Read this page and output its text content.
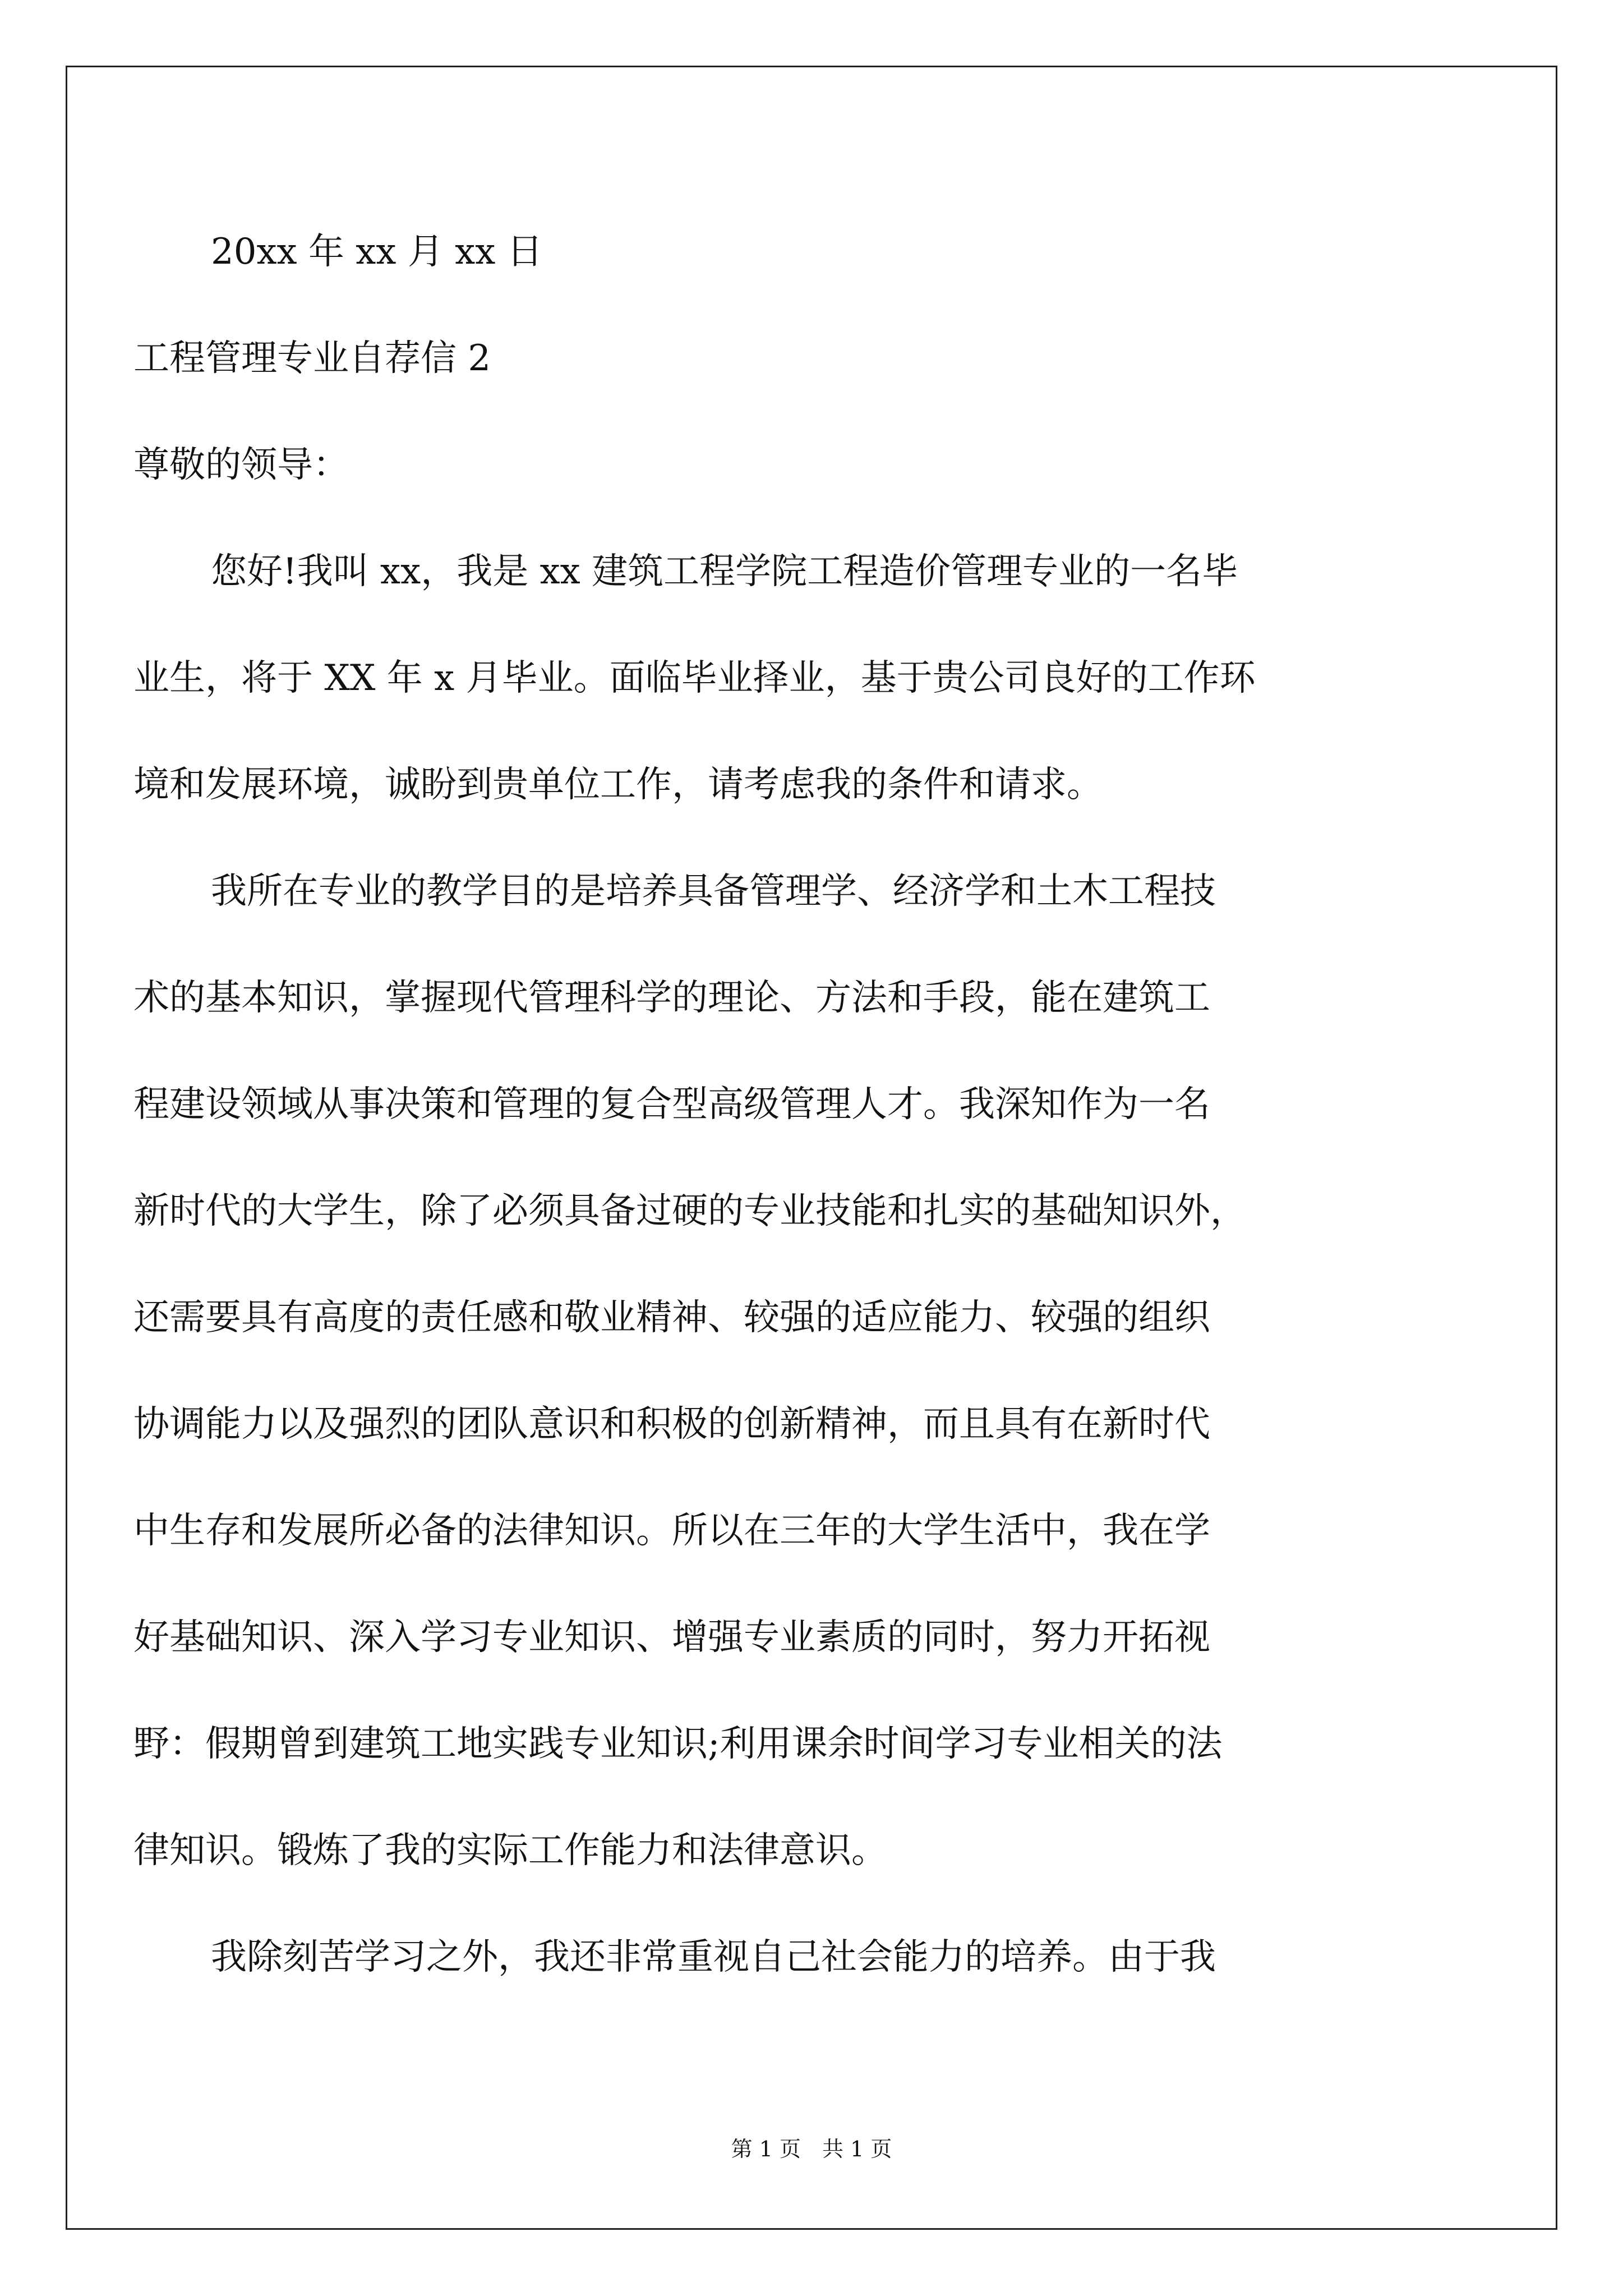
20xx 年 xx 月 xx 日
工程管理专业自荐信 2
尊敬的领导：
您好!我叫 xx，我是 xx 建筑工程学院工程造价管理专业的一名毕
业生，将于 XX 年 x 月毕业。面临毕业择业，基于贵公司良好的工作环
境和发展环境，诚盼到贵单位工作，请考虑我的条件和请求。
我所在专业的教学目的是培养具备管理学、经济学和土木工程技
术的基本知识，掌握现代管理科学的理论、方法和手段，能在建筑工
程建设领域从事决策和管理的复合型高级管理人才。我深知作为一名
新时代的大学生，除了必须具备过硬的专业技能和扎实的基础知识外，
还需要具有高度的责任感和敬业精神、较强的适应能力、较强的组织
协调能力以及强烈的团队意识和积极的创新精神，而且具有在新时代
中生存和发展所必备的法律知识。所以在三年的大学生活中，我在学
好基础知识、深入学习专业知识、增强专业素质的同时，努力开拓视
野：假期曾到建筑工地实践专业知识;利用课余时间学习专业相关的法
律知识。锻炼了我的实际工作能力和法律意识。
我除刻苦学习之外，我还非常重视自己社会能力的培养。由于我
第 1 页　共 1 页
